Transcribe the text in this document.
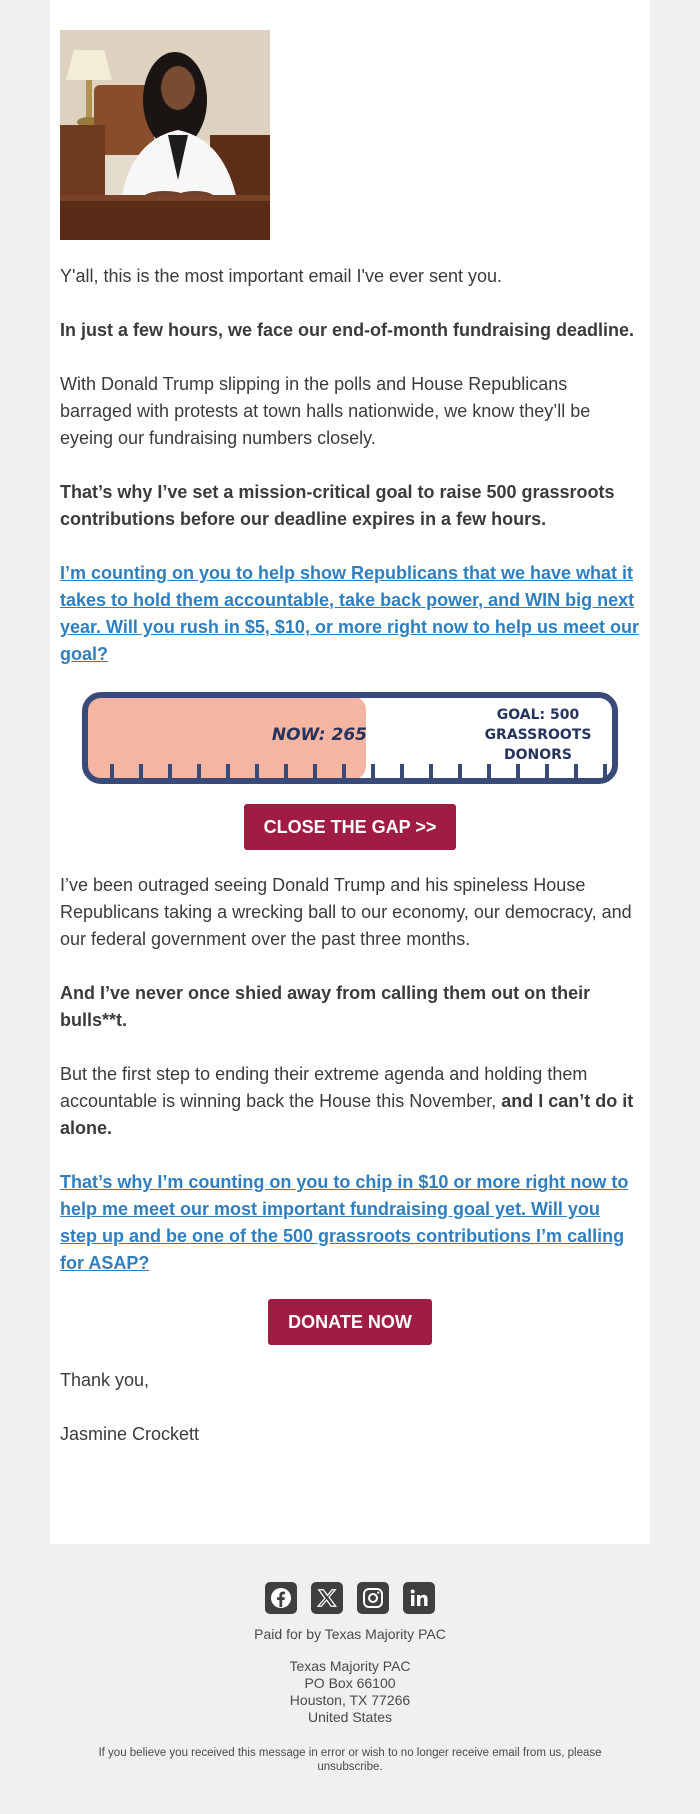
Y'all, this is the most important email I've ever sent you.

In just a few hours, we face our end-of-month fundraising deadline.

With Donald Trump slipping in the polls and House Republicans barraged with protests at town halls nationwide, we know they’ll be eyeing our fundraising numbers closely.

That’s why I’ve set a mission-critical goal to raise 500 grassroots contributions before our deadline expires in a few hours.

I’m counting on you to help show Republicans that we have what it takes to hold them accountable, take back power, and WIN big next year. Will you rush in $5, $10, or more right now to help us meet our goal?

NOW: 265
GOAL: 500
GRASSROOTS
DONORS
CLOSE THE GAP >>

I’ve been outraged seeing Donald Trump and his spineless House Republicans taking a wrecking ball to our economy, our democracy, and our federal government over the past three months.

And I’ve never once shied away from calling them out on their bulls**t.

But the first step to ending their extreme agenda and holding them accountable is winning back the House this November, and I can’t do it alone.

That’s why I’m counting on you to chip in $10 or more right now to help me meet our most important fundraising goal yet. Will you step up and be one of the 500 grassroots contributions I’m calling for ASAP?

DONATE NOW

Thank you,

Jasmine Crockett

Paid for by Texas Majority PAC
Texas Majority PAC
PO Box 66100
Houston, TX 77266
United States
If you believe you received this message in error or wish to no longer receive email from us, please unsubscribe.
